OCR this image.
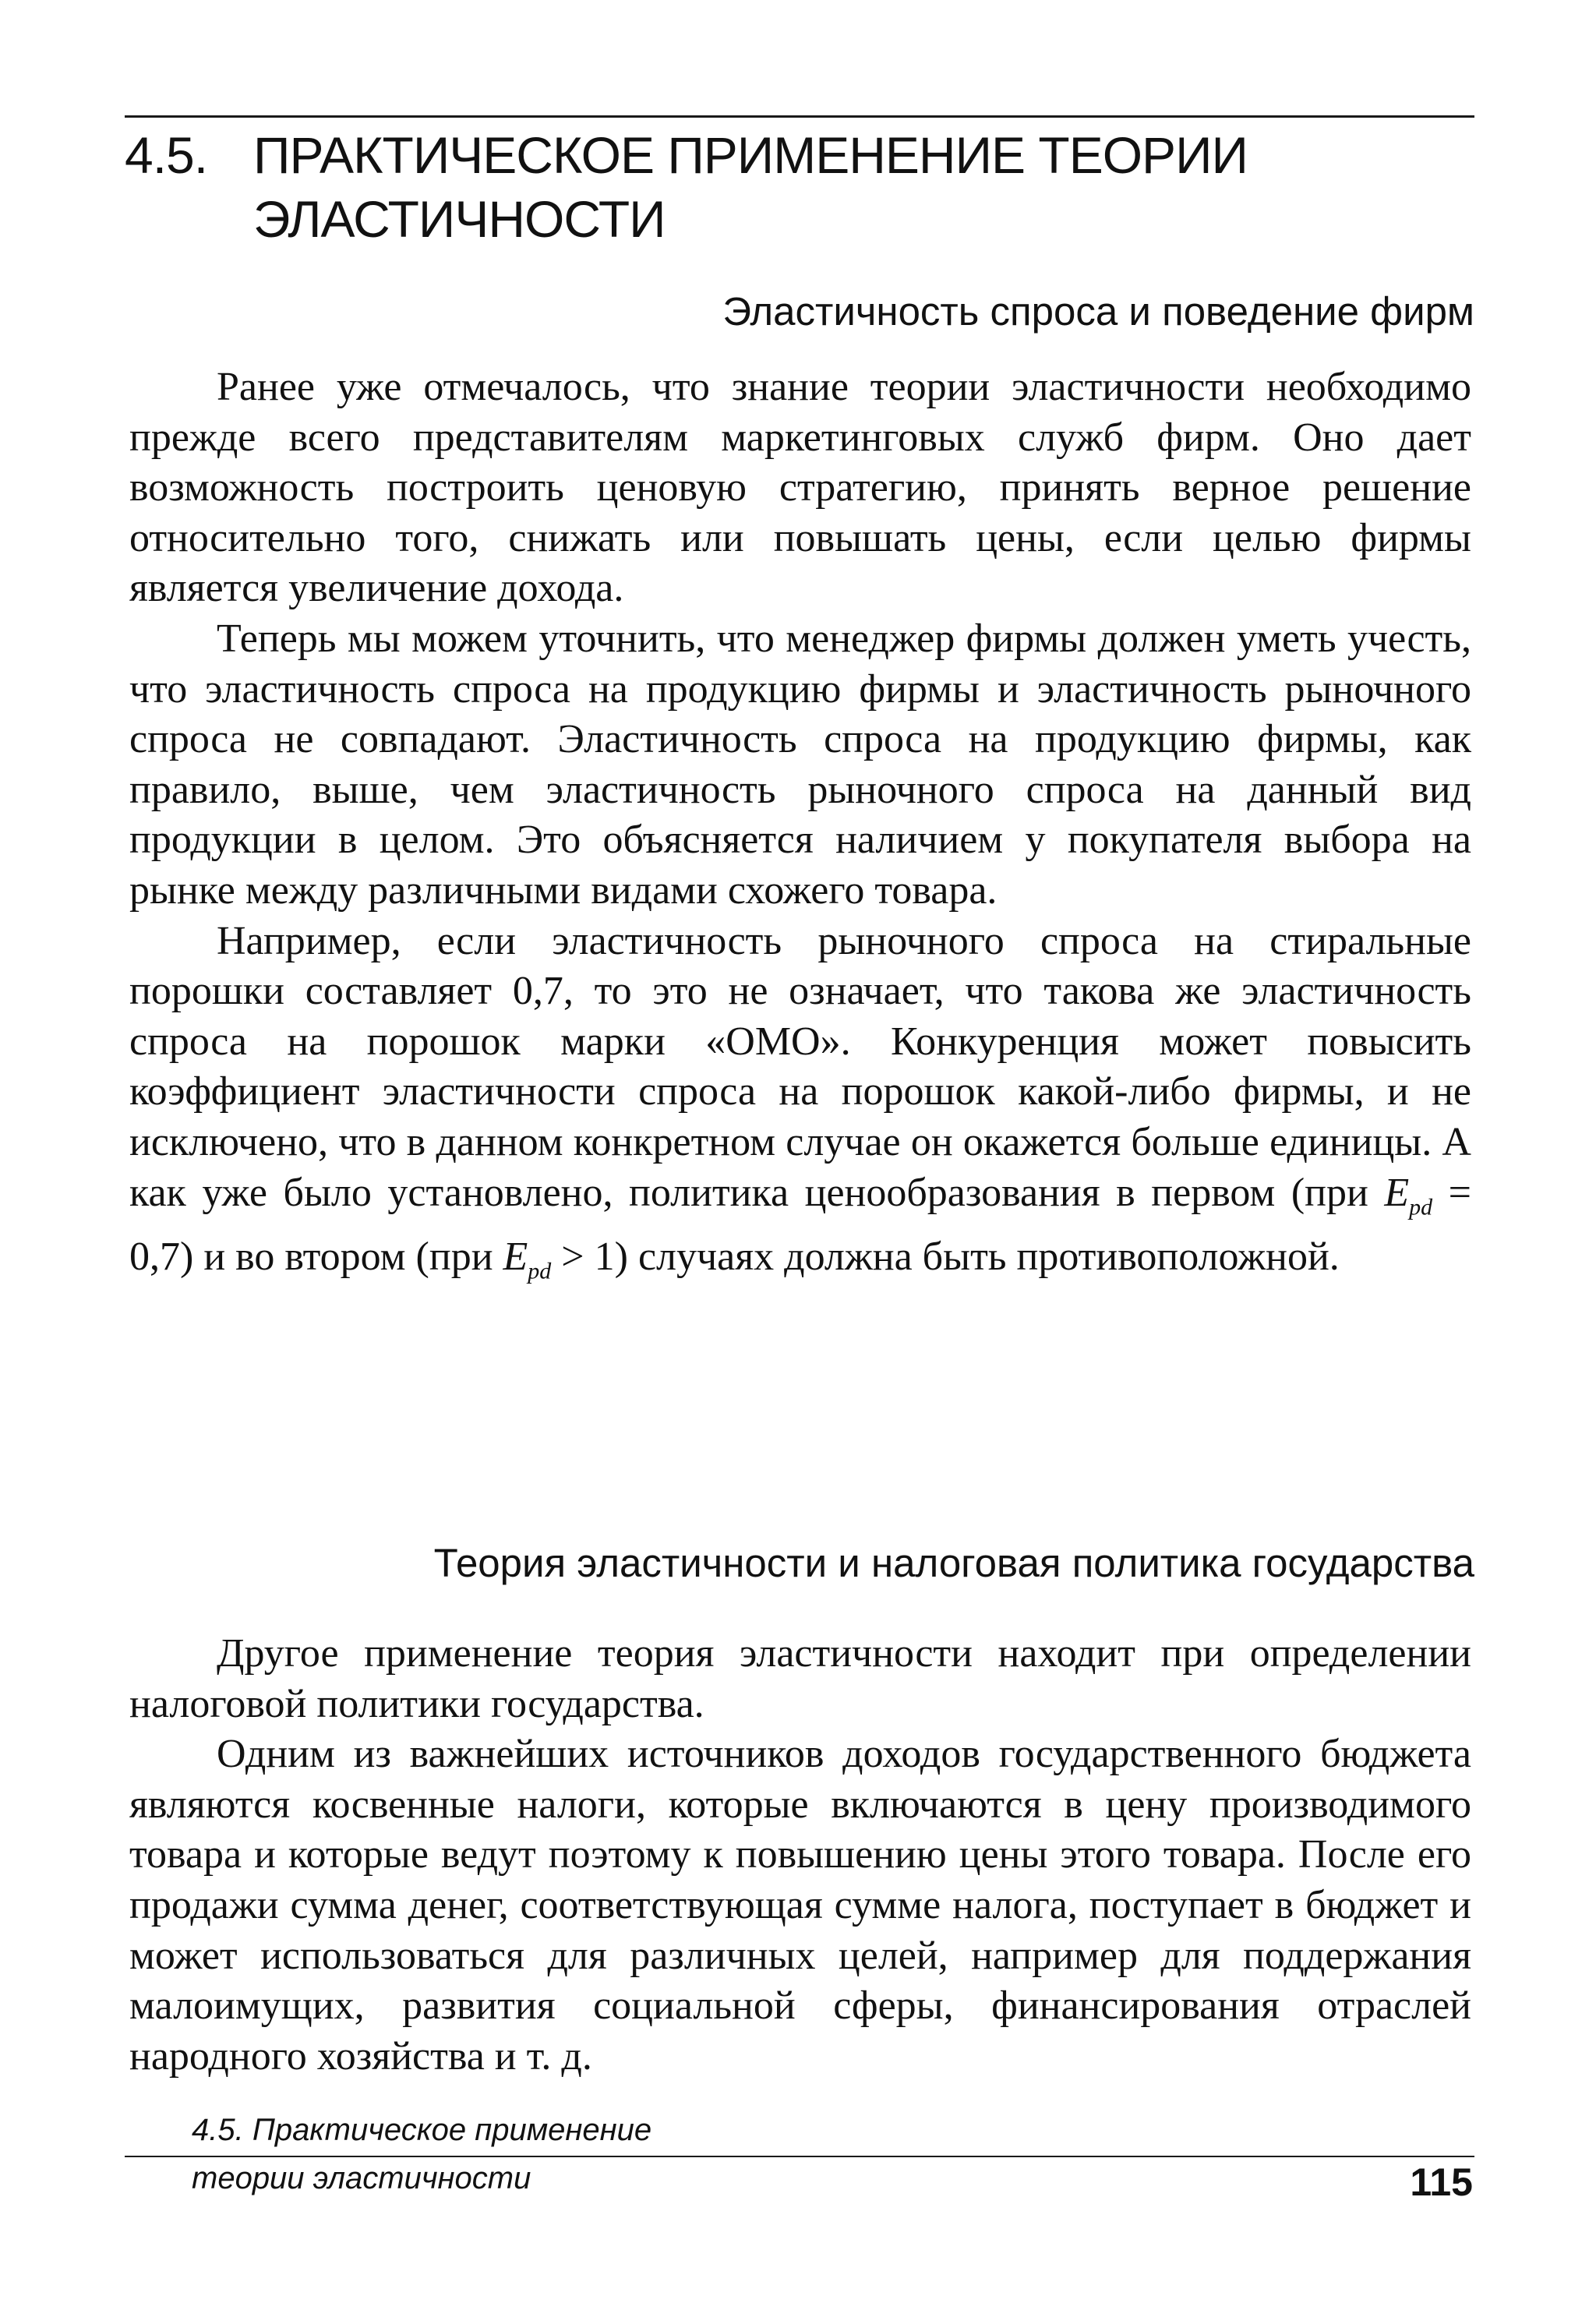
4.5. ПРАКТИЧЕСКОЕ ПРИМЕНЕНИЕ ТЕОРИИ
ЭЛАСТИЧНОСТИ
Эластичность спроса и поведение фирм

Ранее уже отмечалось, что знание теории эластичности необходимо прежде всего представителям маркетинговых служб фирм. Оно дает возможность построить ценовую стратегию, принять верное решение относительно того, снижать или повышать цены, если целью фирмы является увеличение дохода.

Теперь мы можем уточнить, что менеджер фирмы должен уметь учесть, что эластичность спроса на продукцию фирмы и эластичность рыночного спроса не совпадают. Эластичность спроса на продукцию фирмы, как правило, выше, чем эластичность рыночного спроса на данный вид продукции в целом. Это объясняется наличием у покупателя выбора на рынке между различными видами схожего товара.

Например, если эластичность рыночного спроса на стиральные порошки составляет 0,7, то это не означает, что такова же эластичность спроса на порошок марки «ОМО». Конкуренция может повысить коэффициент эластичности спроса на порошок какой-либо фирмы, и не исключено, что в данном конкретном случае он окажется больше единицы. А как уже было установлено, политика ценообразования в первом (при $E_{pd} = 0,7$) и во втором (при $E_{pd} > 1$) случаях должна быть противоположной.

Теория эластичности и налоговая политика государства

Другое применение теория эластичности находит при определении налоговой политики государства.

Одним из важнейших источников доходов государственного бюджета являются косвенные налоги, которые включаются в цену производимого товара и которые ведут поэтому к повышению цены этого товара. После его продажи сумма денег, соответствующая сумме налога, поступает в бюджет и может использоваться для различных целей, например для поддержания малоимущих, развития социальной сферы, финансирования отраслей народного хозяйства и т. д.

4.5. Практическое применение
теории эластичности	115
